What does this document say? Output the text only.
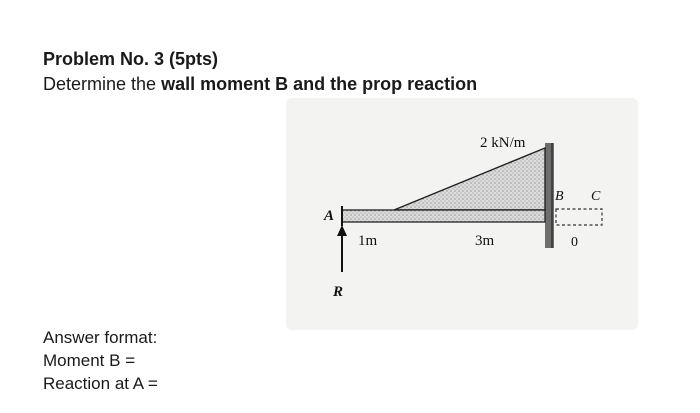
Problem No. 3 (5pts)

Determine the wall moment B and the prop reaction

2 kN/m
A
B C
1m	3m	0
R
Answer format:
Moment B =
Reaction at A =
